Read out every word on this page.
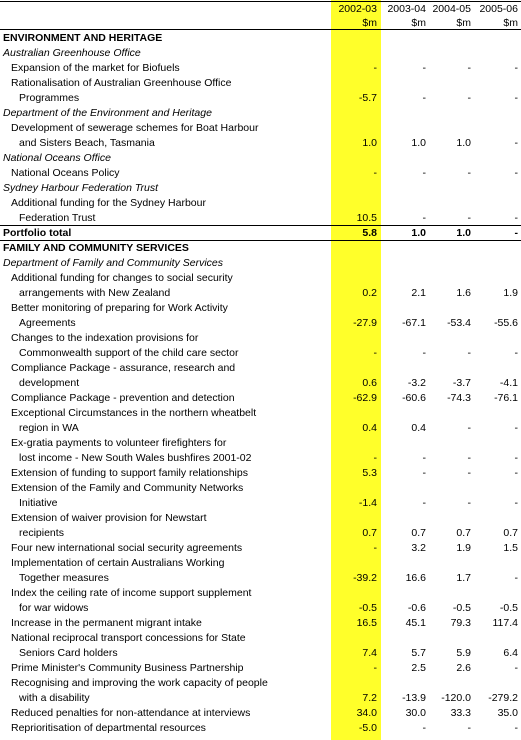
2002-03 2003-04 2004-05 2005-06
$m	$m	$m	$m
ENVIRONMENT AND HERITAGE
Australian Greenhouse Office
Expansion of the market for Biofuels	-	-	-	-
Rationalisation of Australian Greenhouse Office
Programmes	-5.7	-	-	-
Department of the Environment and Heritage
Development of sewerage schemes for Boat Harbour
and Sisters Beach, Tasmania	1.0	1.0	1.0	-
National Oceans Office
National Oceans Policy	-	-	-	-
Sydney Harbour Federation Trust
Additional funding for the Sydney Harbour
Federation Trust	10.5	-	-	-
Portfolio total	5.8	1.0	1.0	-
FAMILY AND COMMUNITY SERVICES
Department of Family and Community Services
Additional funding for changes to social security
arrangements with New Zealand	0.2	2.1	1.6	1.9
Better monitoring of preparing for Work Activity
Agreements	-27.9	-67.1	-53.4	-55.6
Changes to the indexation provisions for
Commonwealth support of the child care sector	-	-	-	-
Compliance Package - assurance, research and
development	0.6	-3.2	-3.7	-4.1
Compliance Package - prevention and detection	-62.9	-60.6	-74.3	-76.1
Exceptional Circumstances in the northern wheatbelt
region in WA	0.4	0.4	-	-
Ex-gratia payments to volunteer firefighters for
lost income - New South Wales bushfires 2001-02	-	-	-	-
Extension of funding to support family relationships	5.3	-	-	-
Extension of the Family and Community Networks
Initiative	-1.4	-	-	-
Extension of waiver provision for Newstart
recipients	0.7	0.7	0.7	0.7
Four new international social security agreements	-	3.2	1.9	1.5
Implementation of certain Australians Working
Together measures	-39.2	16.6	1.7	-
Index the ceiling rate of income support supplement
for war widows	-0.5	-0.6	-0.5	-0.5
Increase in the permanent migrant intake	16.5	45.1	79.3	117.4
National reciprocal transport concessions for State
Seniors Card holders	7.4	5.7	5.9	6.4
Prime Minister's Community Business Partnership	-	2.5	2.6	-
Recognising and improving the work capacity of people
with a disability	7.2	-13.9	-120.0	-279.2
Reduced penalties for non-attendance at interviews	34.0	30.0	33.3	35.0
Reprioritisation of departmental resources	-5.0	-	-	-
